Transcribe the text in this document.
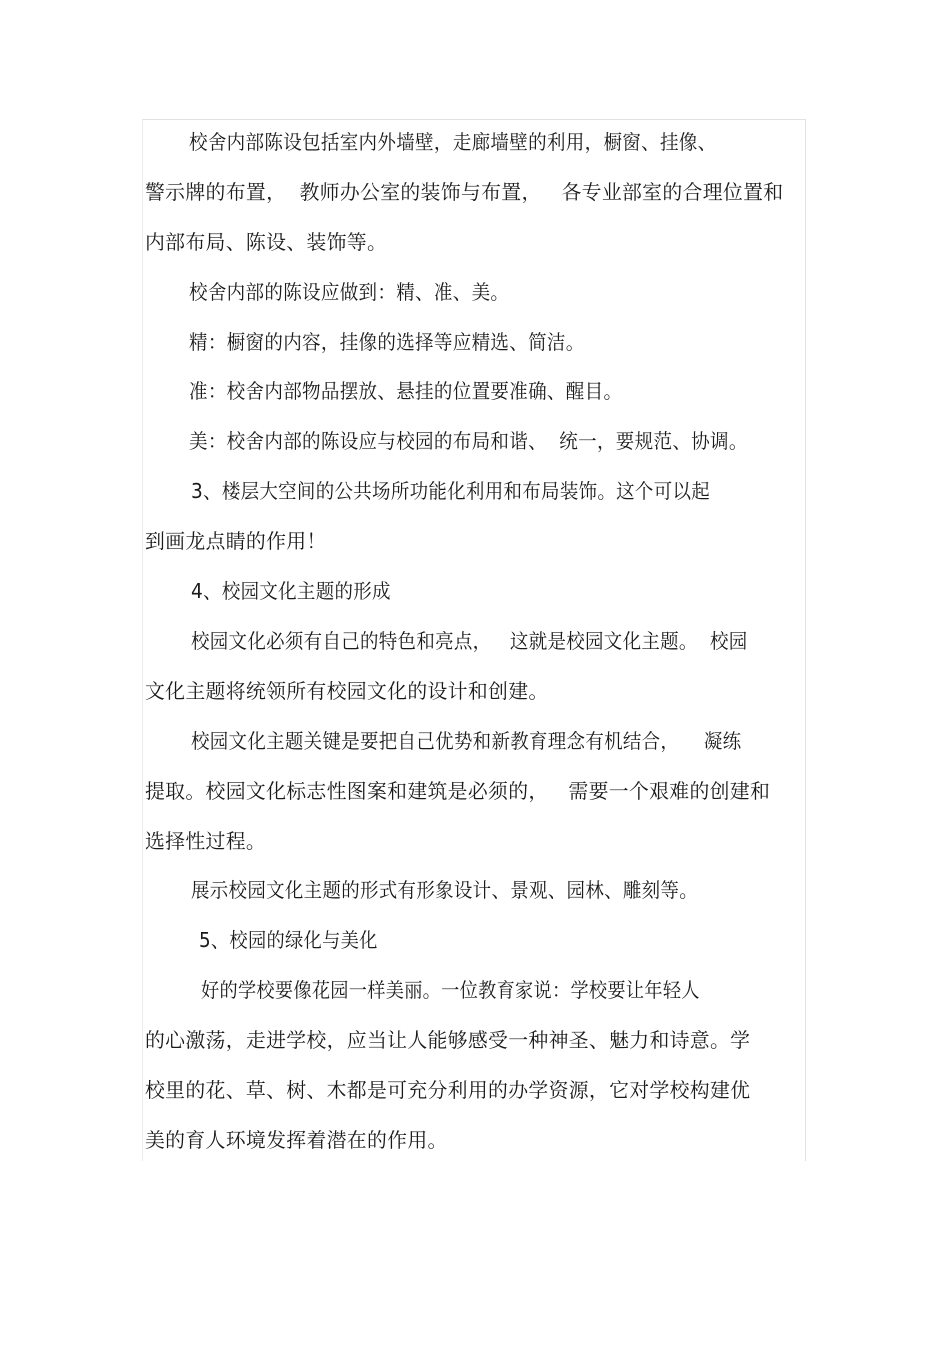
校舍内部陈设包括室内外墙壁，走廊墙壁的利用，橱窗、挂像、
警示牌的布置，  教师办公室的装饰与布置，   各专业部室的合理位置和
内部布局、陈设、装饰等。
校舍内部的陈设应做到：精、准、美。
精：橱窗的内容，挂像的选择等应精选、简洁。
准：校舍内部物品摆放、悬挂的位置要准确、醒目。
美：校舍内部的陈设应与校园的布局和谐、  统一，要规范、协调。
3、楼层大空间的公共场所功能化利用和布局装饰。这个可以起
到画龙点睛的作用！
4、校园文化主题的形成
校园文化必须有自己的特色和亮点，   这就是校园文化主题。  校园
文化主题将统领所有校园文化的设计和创建。
校园文化主题关键是要把自己优势和新教育理念有机结合，    凝练
提取。校园文化标志性图案和建筑是必须的，   需要一个艰难的创建和
选择性过程。
展示校园文化主题的形式有形象设计、景观、园林、雕刻等。
5、校园的绿化与美化
好的学校要像花园一样美丽。一位教育家说：学校要让年轻人
的心激荡，走进学校，应当让人能够感受一种神圣、魅力和诗意。学
校里的花、草、树、木都是可充分利用的办学资源，它对学校构建优
美的育人环境发挥着潜在的作用。
